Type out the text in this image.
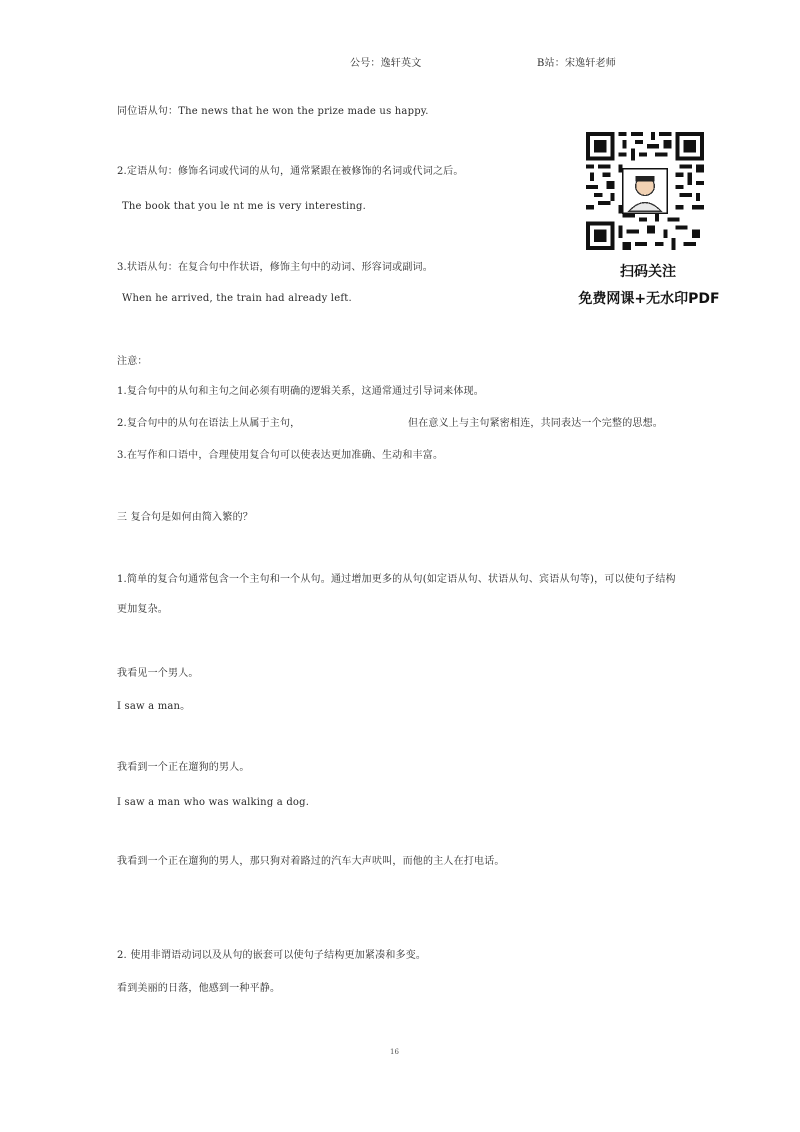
公号：逸轩英文	B站：宋逸轩老师
同位语从句：The news that he won the prize made us happy.
2.定语从句：修饰名词或代词的从句，通常紧跟在被修饰的名词或代词之后。
The book that you le nt me is very interesting.
3.状语从句：在复合句中作状语，修饰主句中的动词、形容词或副词。
When he arrived, the train had already left.
注意：
1.复合句中的从句和主句之间必须有明确的逻辑关系，这通常通过引导词来体现。
2.复合句中的从句在语法上从属于主句，	但在意义上与主句紧密相连，共同表达一个完整的思想。
3.在写作和口语中，合理使用复合句可以使表达更加准确、生动和丰富。
三 复合句是如何由简入繁的？
1.简单的复合句通常包含一个主句和一个从句。通过增加更多的从句(如定语从句、状语从句、宾语从句等)，可以使句子结构
更加复杂。
我看见一个男人。
I saw a man。
我看到一个正在遛狗的男人。
I saw a man who was walking a dog.
我看到一个正在遛狗的男人，那只狗对着路过的汽车大声吠叫，而他的主人在打电话。
2. 使用非谓语动词以及从句的嵌套可以使句子结构更加紧凑和多变。
看到美丽的日落，他感到一种平静。
扫码关注
免费网课+无水印PDF
16
